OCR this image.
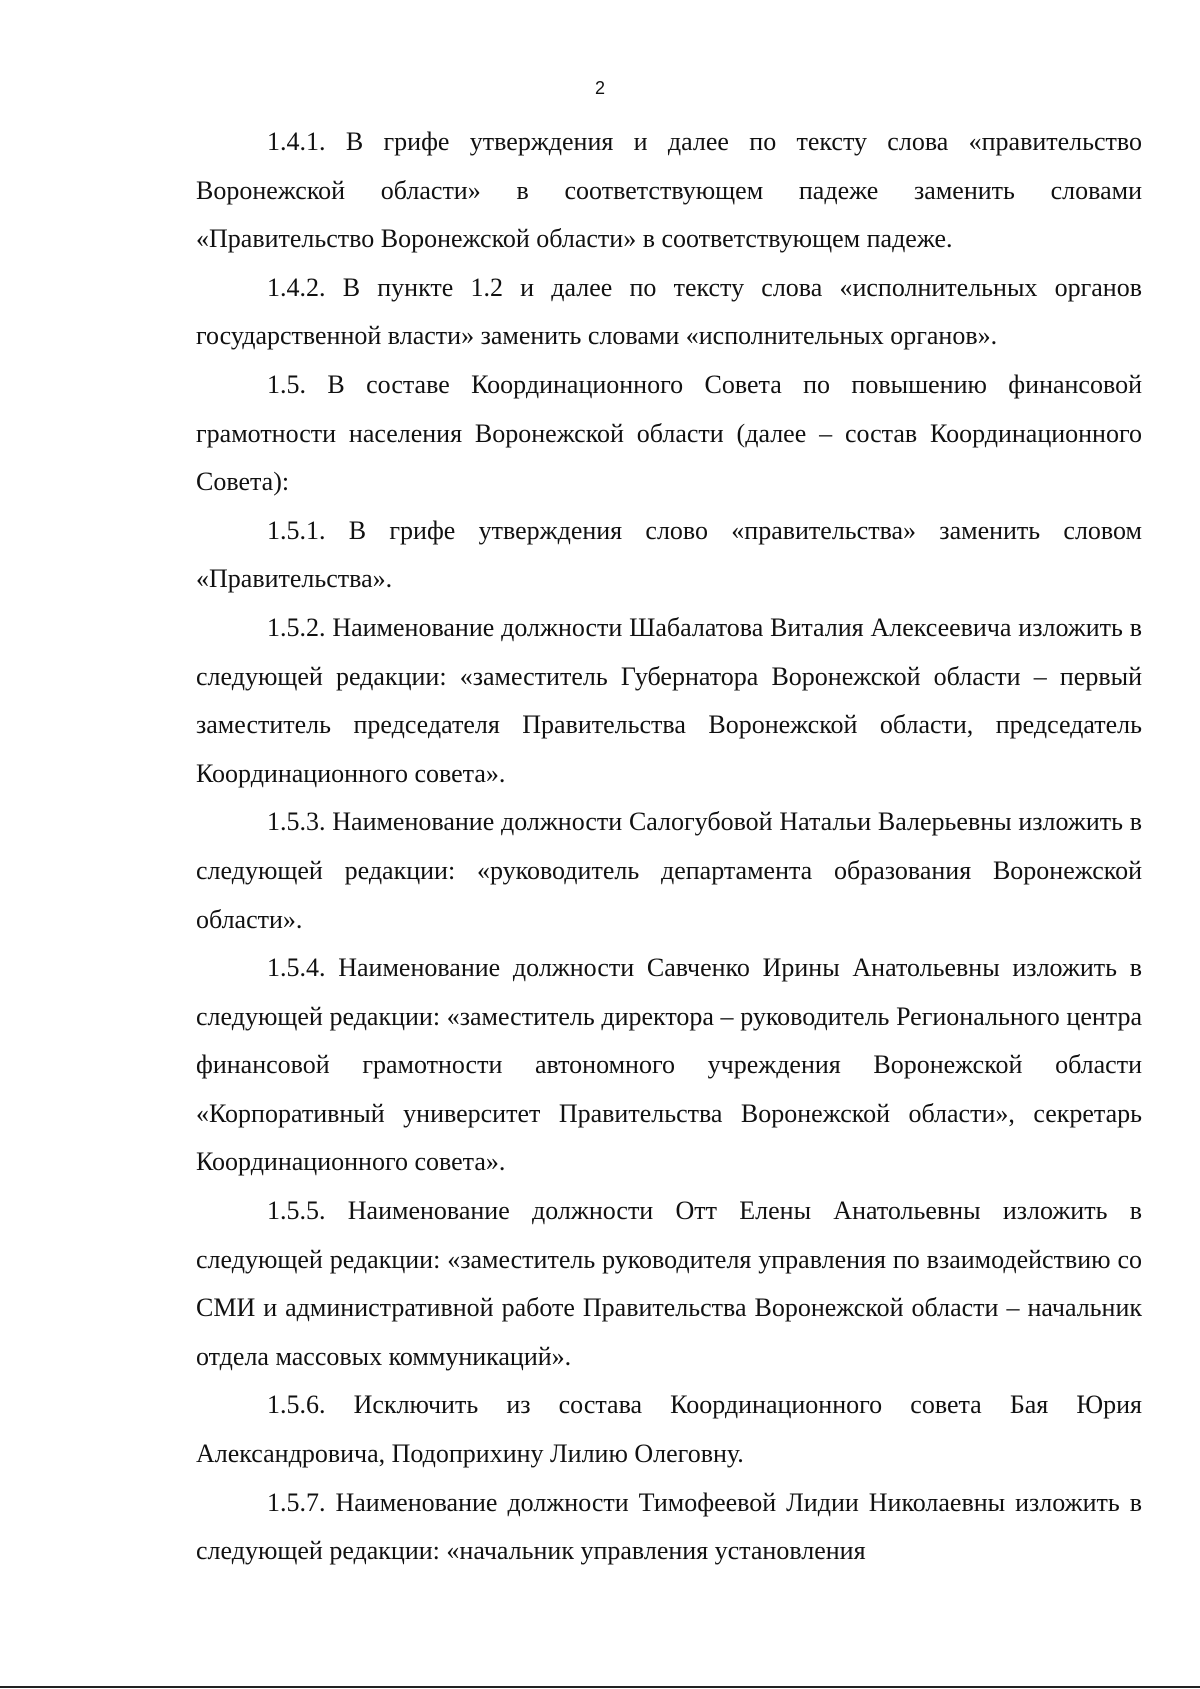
2

1.4.1. В грифе утверждения и далее по тексту слова «правительство Воронежской области» в соответствующем падеже заменить словами «Правительство Воронежской области» в соответствующем падеже.

1.4.2. В пункте 1.2 и далее по тексту слова «исполнительных органов государственной власти» заменить словами «исполнительных органов».

1.5. В составе Координационного Совета по повышению финансовой грамотности населения Воронежской области (далее – состав Координационного Совета):

1.5.1. В грифе утверждения слово «правительства» заменить словом «Правительства».

1.5.2. Наименование должности Шабалатова Виталия Алексеевича изложить в следующей редакции: «заместитель Губернатора Воронежской области – первый заместитель председателя Правительства Воронежской области, председатель Координационного совета».

1.5.3. Наименование должности Салогубовой Натальи Валерьевны изложить в следующей редакции: «руководитель департамента образования Воронежской области».

1.5.4. Наименование должности Савченко Ирины Анатольевны изложить в следующей редакции: «заместитель директора – руководитель Регионального центра финансовой грамотности автономного учреждения Воронежской области «Корпоративный университет Правительства Воронежской области», секретарь Координационного совета».

1.5.5. Наименование должности Отт Елены Анатольевны изложить в следующей редакции: «заместитель руководителя управления по взаимодействию со СМИ и административной работе Правительства Воронежской области – начальник отдела массовых коммуникаций».

1.5.6. Исключить из состава Координационного совета Бая Юрия Александровича, Подоприхину Лилию Олеговну.

1.5.7. Наименование должности Тимофеевой Лидии Николаевны изложить в следующей редакции: «начальник управления установления
